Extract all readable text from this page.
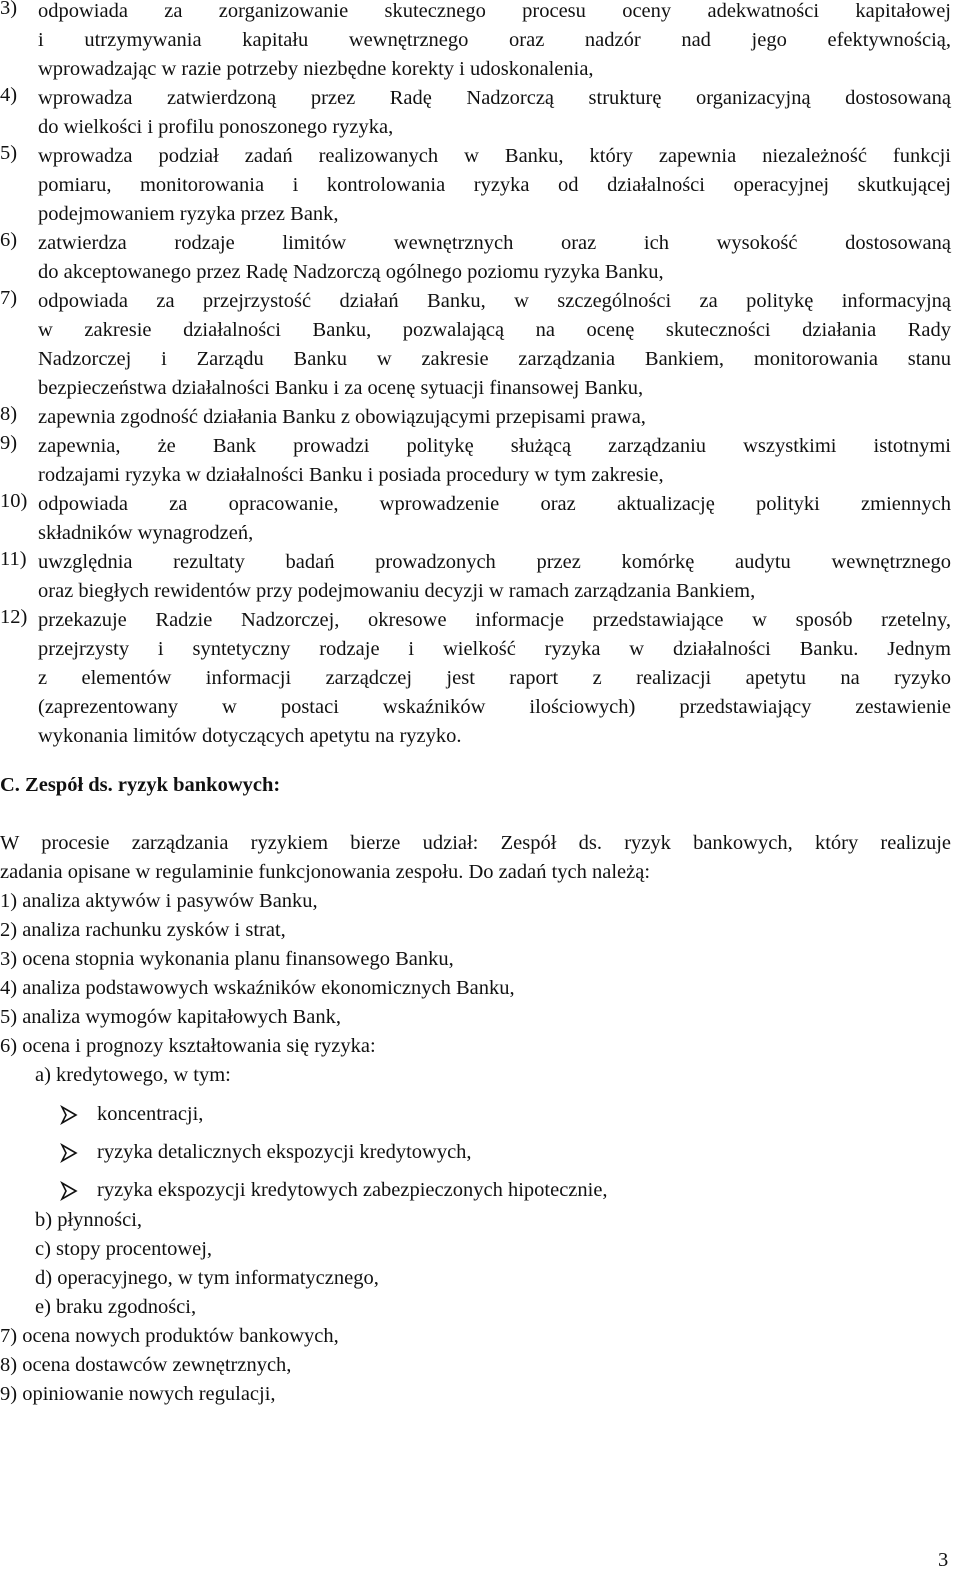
3) odpowiada za zorganizowanie skutecznego procesu oceny adekwatności kapitałowej
i utrzymywania kapitału wewnętrznego oraz nadzór nad jego efektywnością,
wprowadzając w razie potrzeby niezbędne korekty i udoskonalenia,
4) wprowadza zatwierdzoną przez Radę Nadzorczą strukturę organizacyjną dostosowaną
do wielkości i profilu ponoszonego ryzyka,
5) wprowadza podział zadań realizowanych w Banku, który zapewnia niezależność funkcji
pomiaru, monitorowania i kontrolowania ryzyka od działalności operacyjnej skutkującej
podejmowaniem ryzyka przez Bank,
6) zatwierdza rodzaje limitów wewnętrznych oraz ich wysokość dostosowaną
do akceptowanego przez Radę Nadzorczą ogólnego poziomu ryzyka Banku,
7) odpowiada za przejrzystość działań Banku, w szczególności za politykę informacyjną
w zakresie działalności Banku, pozwalającą na ocenę skuteczności działania Rady
Nadzorczej i Zarządu Banku w zakresie zarządzania Bankiem, monitorowania stanu
bezpieczeństwa działalności Banku i za ocenę sytuacji finansowej Banku,
8) zapewnia zgodność działania Banku z obowiązującymi przepisami prawa,
9) zapewnia, że Bank prowadzi politykę służącą zarządzaniu wszystkimi istotnymi
rodzajami ryzyka w działalności Banku i posiada procedury w tym zakresie,
10) odpowiada za opracowanie, wprowadzenie oraz aktualizację polityki zmiennych
składników wynagrodzeń,
11) uwzględnia rezultaty badań prowadzonych przez komórkę audytu wewnętrznego
oraz biegłych rewidentów przy podejmowaniu decyzji w ramach zarządzania Bankiem,
12) przekazuje Radzie Nadzorczej, okresowe informacje przedstawiające w sposób rzetelny,
przejrzysty i syntetyczny rodzaje i wielkość ryzyka w działalności Banku. Jednym
z elementów informacji zarządczej jest raport z realizacji apetytu na ryzyko
(zaprezentowany w postaci wskaźników ilościowych) przedstawiający zestawienie
wykonania limitów dotyczących apetytu na ryzyko.
C. Zespół ds. ryzyk bankowych:
W procesie zarządzania ryzykiem bierze udział: Zespół ds. ryzyk bankowych, który realizuje
zadania opisane w regulaminie funkcjonowania zespołu. Do zadań tych należą:
1) analiza aktywów i pasywów Banku,
2) analiza rachunku zysków i strat,
3) ocena stopnia wykonania planu finansowego Banku,
4) analiza podstawowych wskaźników ekonomicznych Banku,
5) analiza wymogów kapitałowych Bank,
6) ocena i prognozy kształtowania się ryzyka:
a) kredytowego, w tym:
koncentracji,
ryzyka detalicznych ekspozycji kredytowych,
ryzyka ekspozycji kredytowych zabezpieczonych hipotecznie,
b) płynności,
c) stopy procentowej,
d) operacyjnego, w tym informatycznego,
e) braku zgodności,
7) ocena nowych produktów bankowych,
8) ocena dostawców zewnętrznych,
9) opiniowanie nowych regulacji,
3
